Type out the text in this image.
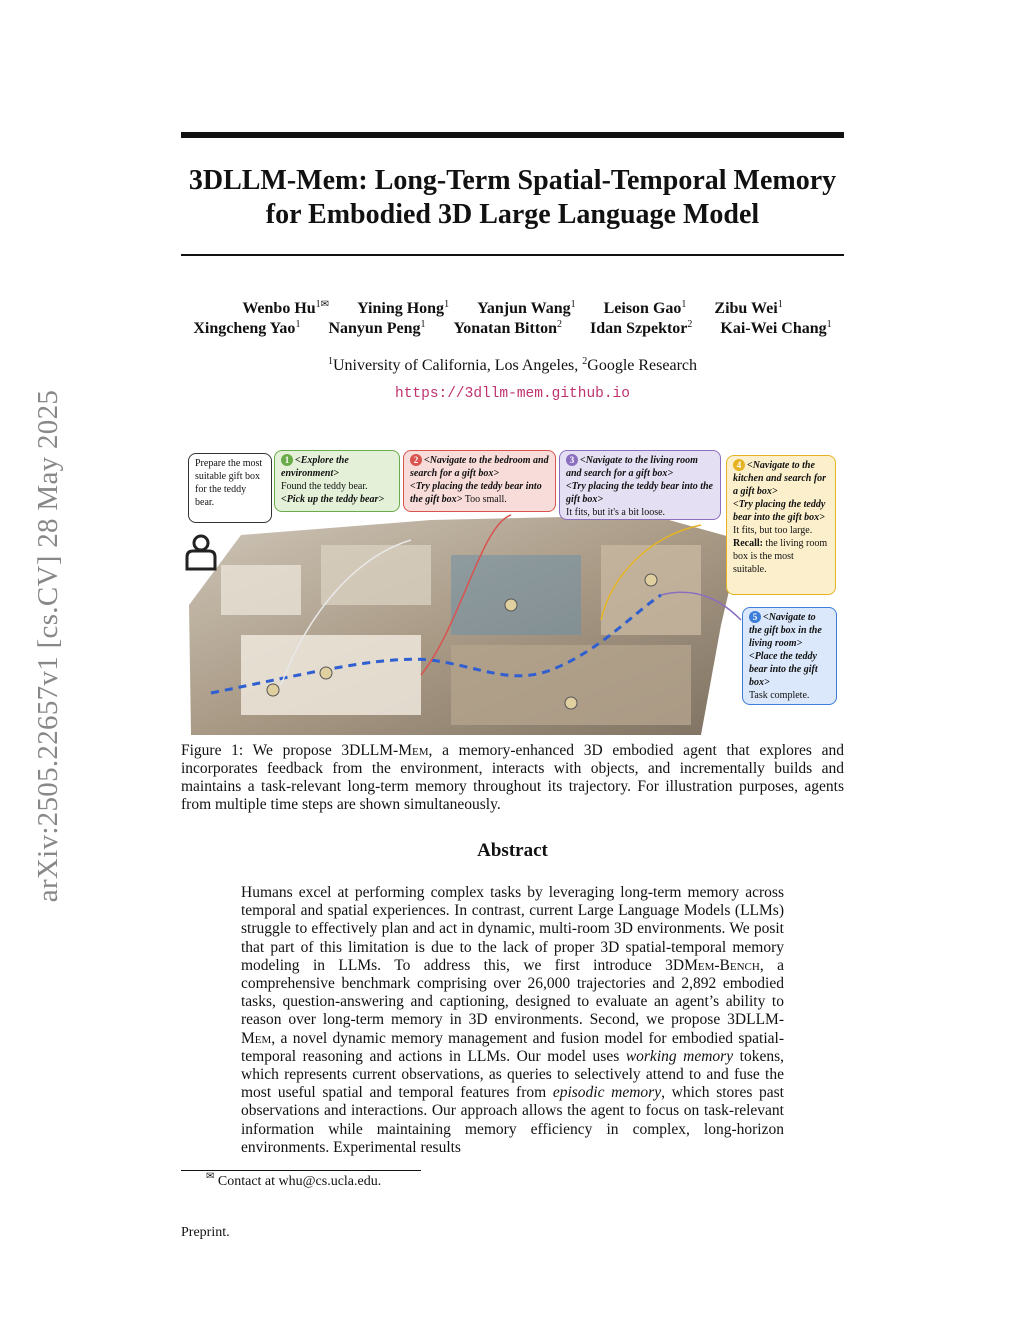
arXiv:2505.22657v1 [cs.CV] 28 May 2025
3DLLM-Mem: Long-Term Spatial-Temporal Memory
for Embodied 3D Large Language Model
Wenbo $Hu^{1✉}$ Yining Hong$^1$ Yanjun Wang$^1$ Leison Gao$^1$ Zibu Wei$^1$
Xingcheng Yao$^1$ Nanyun Peng$^1$ Yonatan Bitton$^2$ Idan Szpektor$^2$ Kai-Wei Chang$^1$
$^1$University of California, Los Angeles, $^2$Google Research
https://3dllm-mem.github.io
Prepare the most suitable gift box for the teddy bear.
1 <Explore the environment>
Found the teddy bear.
<Pick up the teddy bear>
2 <Navigate to the bedroom and search for a gift box>
<Try placing the teddy bear into the gift box> Too small.
3 <Navigate to the living room and search for a gift box>
<Try placing the teddy bear into the gift box>
It fits, but it's a bit loose.
4 <Navigate to the kitchen and search for a gift box>
<Try placing the teddy bear into the gift box>
It fits, but too large.
Recall: the living room box is the most suitable.
5 <Navigate to the gift box in the living room>
<Place the teddy bear into the gift box>
Task complete.
Figure 1: We propose 3DLLM-Mem, a memory-enhanced 3D embodied agent that explores and incorporates feedback from the environment, interacts with objects, and incrementally builds and maintains a task-relevant long-term memory throughout its trajectory. For illustration purposes, agents from multiple time steps are shown simultaneously.
Abstract
Humans excel at performing complex tasks by leveraging long-term memory across temporal and spatial experiences. In contrast, current Large Language Models (LLMs) struggle to effectively plan and act in dynamic, multi-room 3D environments. We posit that part of this limitation is due to the lack of proper 3D spatial-temporal memory modeling in LLMs. To address this, we first introduce 3DMem-Bench, a comprehensive benchmark comprising over 26,000 trajectories and 2,892 embodied tasks, question-answering and captioning, designed to evaluate an agent’s ability to reason over long-term memory in 3D environments. Second, we propose 3DLLM-Mem, a novel dynamic memory management and fusion model for embodied spatial-temporal reasoning and actions in LLMs. Our model uses working memory tokens, which represents current observations, as queries to selectively attend to and fuse the most useful spatial and temporal features from episodic memory, which stores past observations and interactions. Our approach allows the agent to focus on task-relevant information while maintaining memory efficiency in complex, long-horizon environments. Experimental results
✉ Contact at whu@cs.ucla.edu.
Preprint.
